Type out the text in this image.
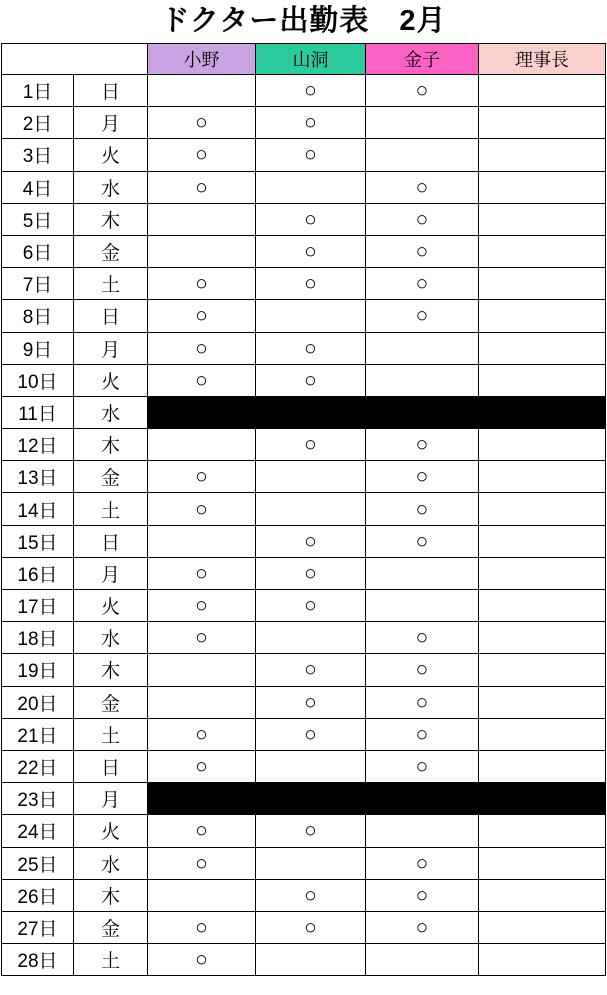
ドクター出勤表　2月
		小野	山洞	金子	理事長
1日	日		○	○	
2日	月	○	○		
3日	火	○	○		
4日	水	○		○	
5日	木		○	○	
6日	金		○	○	
7日	土	○	○	○	
8日	日	○		○	
9日	月	○	○		
10日	火	○	○		
11日	水				
12日	木		○	○	
13日	金	○		○	
14日	土	○		○	
15日	日		○	○	
16日	月	○	○		
17日	火	○	○		
18日	水	○		○	
19日	木		○	○	
20日	金		○	○	
21日	土	○	○	○	
22日	日	○		○	
23日	月				
24日	火	○	○		
25日	水	○		○	
26日	木		○	○	
27日	金	○	○	○	
28日	土	○			
